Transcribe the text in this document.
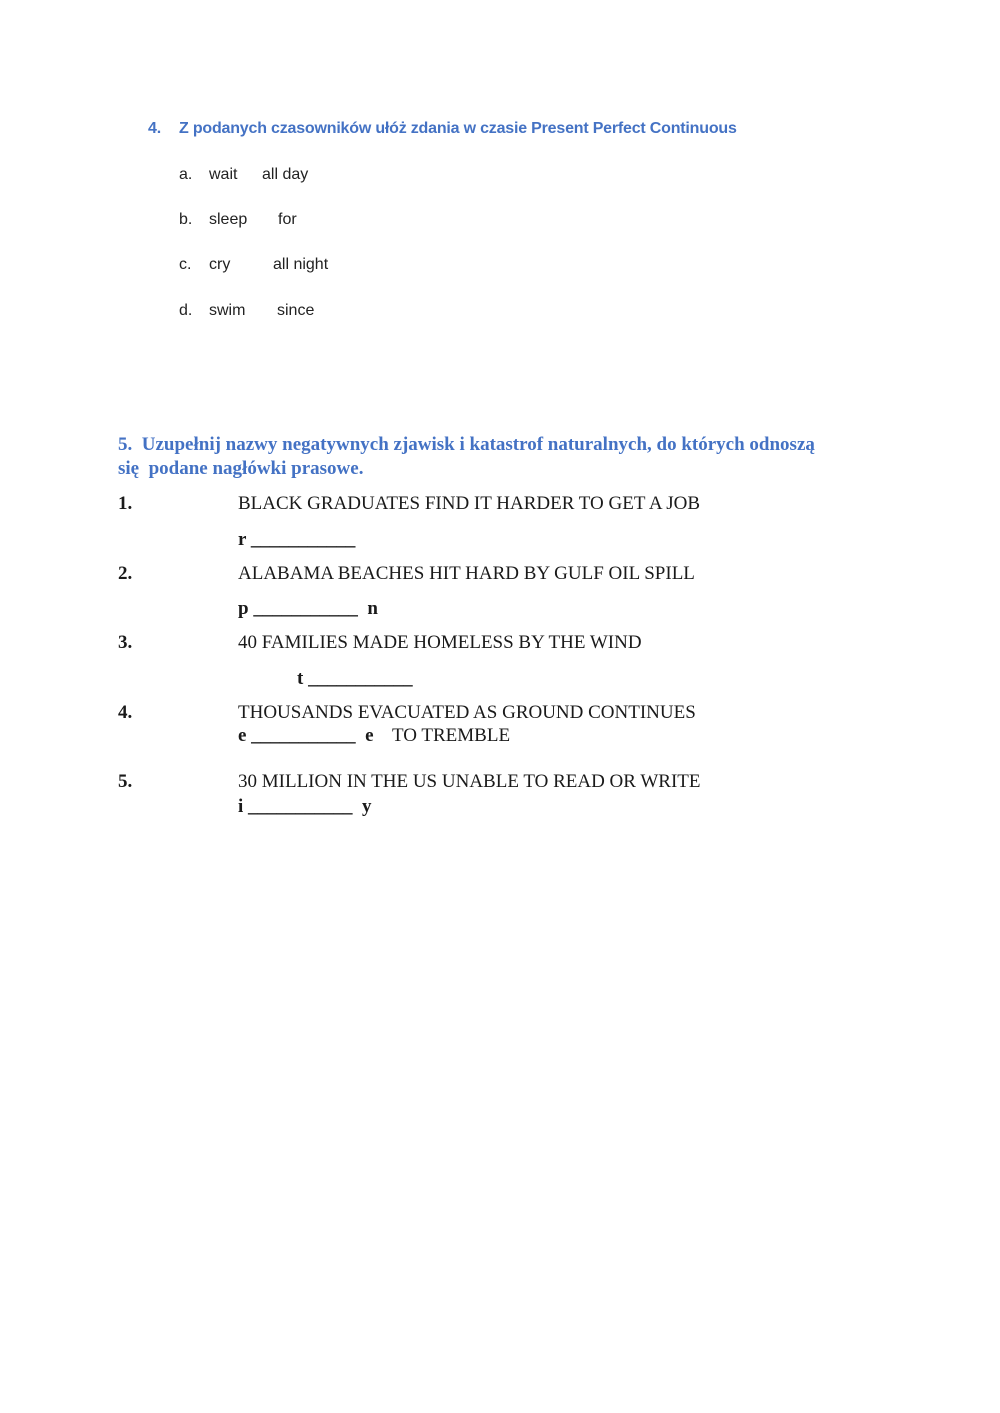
4. Z podanych czasowników ułóż zdania w czasie Present Perfect Continuous
a. wait all day
b. sleep for
c. cry	all night
d. swim since
5.  Uzupełnij nazwy negatywnych zjawisk i katastrof naturalnych, do których odnoszą
się  podane nagłówki prasowe.
1.	BLACK GRADUATES FIND IT HARDER TO GET A JOB
r ___________
2.	ALABAMA BEACHES HIT HARD BY GULF OIL SPILL
p ___________  n
3.	40 FAMILIES MADE HOMELESS BY THE WIND
t ___________
4.	THOUSANDS EVACUATED AS GROUND CONTINUES
e ___________  e TO TREMBLE
5.	30 MILLION IN THE US UNABLE TO READ OR WRITE
i ___________  y
